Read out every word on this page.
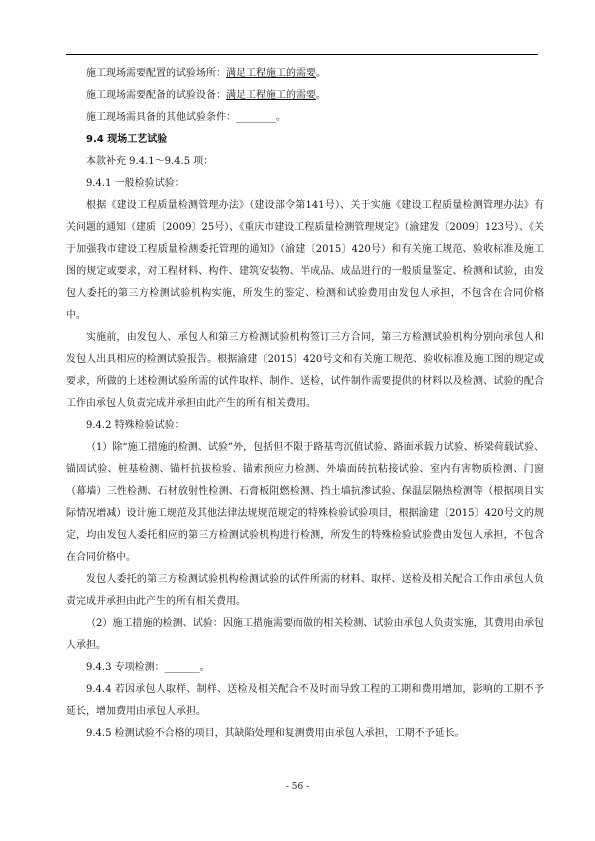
施工现场需要配置的试验场所：满足工程施工的需要。

施工现场需要配备的试验设备：满足工程施工的需要。

施工现场需具备的其他试验条件：________。

9.4 现场工艺试验

本款补充 9.4.1～9.4.5 项：

9.4.1 一般检验试验：

根据《建设工程质量检测管理办法》（建设部令第141号）、关于实施《建设工程质量检测管理办法》有关问题的通知（建质〔2009〕25号）、《重庆市建设工程质量检测管理规定》（渝建发〔2009〕123号）、《关于加强我市建设工程质量检测委托管理的通知》（渝建〔2015〕420号）和有关施工规范、验收标准及施工图的规定或要求，对工程材料、构件、建筑安装物、半成品、成品进行的一般质量鉴定、检测和试验，由发包人委托的第三方检测试验机构实施，所发生的鉴定、检测和试验费用由发包人承担，不包含在合同价格中。

实施前，由发包人、承包人和第三方检测试验机构签订三方合同，第三方检测试验机构分别向承包人和发包人出具相应的检测试验报告。根据渝建〔2015〕420号文和有关施工规范、验收标准及施工图的规定或要求，所做的上述检测试验所需的试件取样、制作、送检，试件制作需要提供的材料以及检测、试验的配合工作由承包人负责完成并承担由此产生的所有相关费用。

9.4.2 特殊检验试验：

（1）除“施工措施的检测、试验”外，包括但不限于路基弯沉值试验、路面承载力试验、桥梁荷载试验、锚固试验、桩基检测、锚杆抗拔检验、锚索预应力检测、外墙面砖抗粘接试验、室内有害物质检测、门窗（幕墙）三性检测、石材放射性检测、石膏板阻燃检测、挡土墙抗渗试验、保温层隔热检测等（根据项目实际情况增减）设计施工规范及其他法律法规规范规定的特殊检验试验项目，根据渝建〔2015〕420号文的规定，均由发包人委托相应的第三方检测试验机构进行检测，所发生的特殊检验试验费由发包人承担，不包含在合同价格中。

发包人委托的第三方检测试验机构检测试验的试件所需的材料、取样、送检及相关配合工作由承包人负责完成并承担由此产生的所有相关费用。

（2）施工措施的检测、试验：因施工措施需要而做的相关检测、试验由承包人负责实施，其费用由承包人承担。

9.4.3 专项检测：_______。

9.4.4 若因承包人取样、制样、送检及相关配合不及时而导致工程的工期和费用增加，影响的工期不予延长，增加费用由承包人承担。

9.4.5 检测试验不合格的项目，其缺陷处理和复测费用由承包人承担，工期不予延长。

- 56 -
